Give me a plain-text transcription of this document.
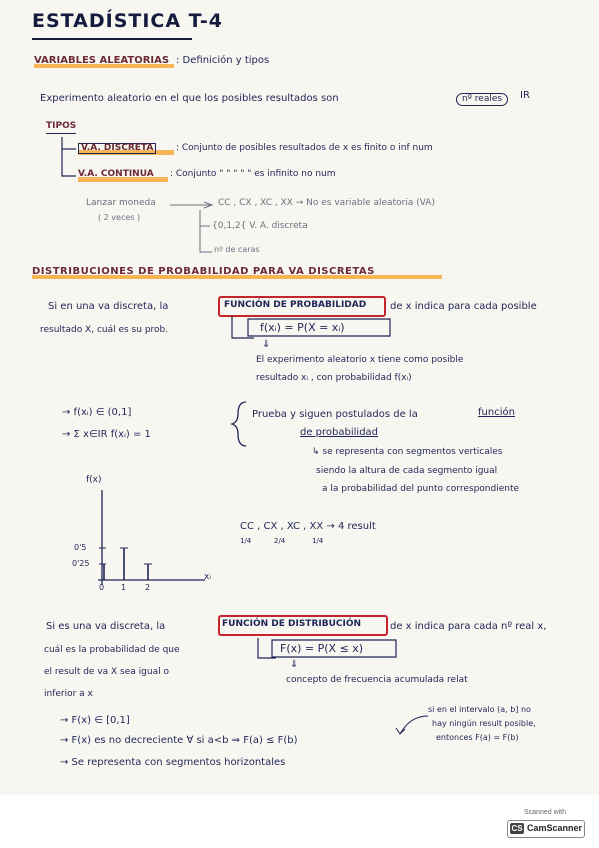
ESTADÍSTICA T-4
VARIABLES ALEATORIAS : Definición y tipos
Experimento aleatorio en el que los posibles resultados son	nº reales	IR
TIPOS
V.A. DISCRETA	: Conjunto de posibles resultados de x es finito o inf num
V.A. CONTINUA : Conjunto " " " " " es infinito no num
Lanzar moneda
( 2 veces )
CC , CX , XC , XX → No es variable aleatoria (VA)
{0,1,2{ V. A. discreta
nº de caras
DISTRIBUCIONES DE PROBABILIDAD PARA VA DISCRETAS
Si en una va discreta, la	FUNCIÓN DE PROBABILIDAD de x indica para cada posible
resultado X, cuál es su prob.	f(xᵢ) = P(X = xᵢ)
⇓
El experimento aleatorio x tiene como posible
resultado xᵢ , con probabilidad f(xᵢ)
→ f(xᵢ) ∈ (0,1]
→ Σ x∈IR f(xᵢ) = 1
Prueba y siguen postulados de la	función
de probabilidad
↳ se representa con segmentos verticales
siendo la altura de cada segmento igual
a la probabilidad del punto correspondiente
f(x)
xᵢ
0'5
0'25
0 1 2
CC , CX , XC , XX → 4 result
1/4	2/4	1/4
Si es una va discreta, la	FUNCIÓN DE DISTRIBUCIÓN	de x indica para cada nº real x,
cuál es la probabilidad de que
el result de va X sea igual o
inferior a x
F(x) = P(X ≤ x)
⇓
concepto de frecuencia acumulada relat
→ F(x) ∈ [0,1]
→ F(x) es no decreciente ∀ si a<b ⇒ F(a) ≤ F(b)
→ Se representa con segmentos horizontales
si en el intervalo (a, b] no
hay ningún result posible,
entonces F(a) = F(b)
Scanned with
CS CamScanner
